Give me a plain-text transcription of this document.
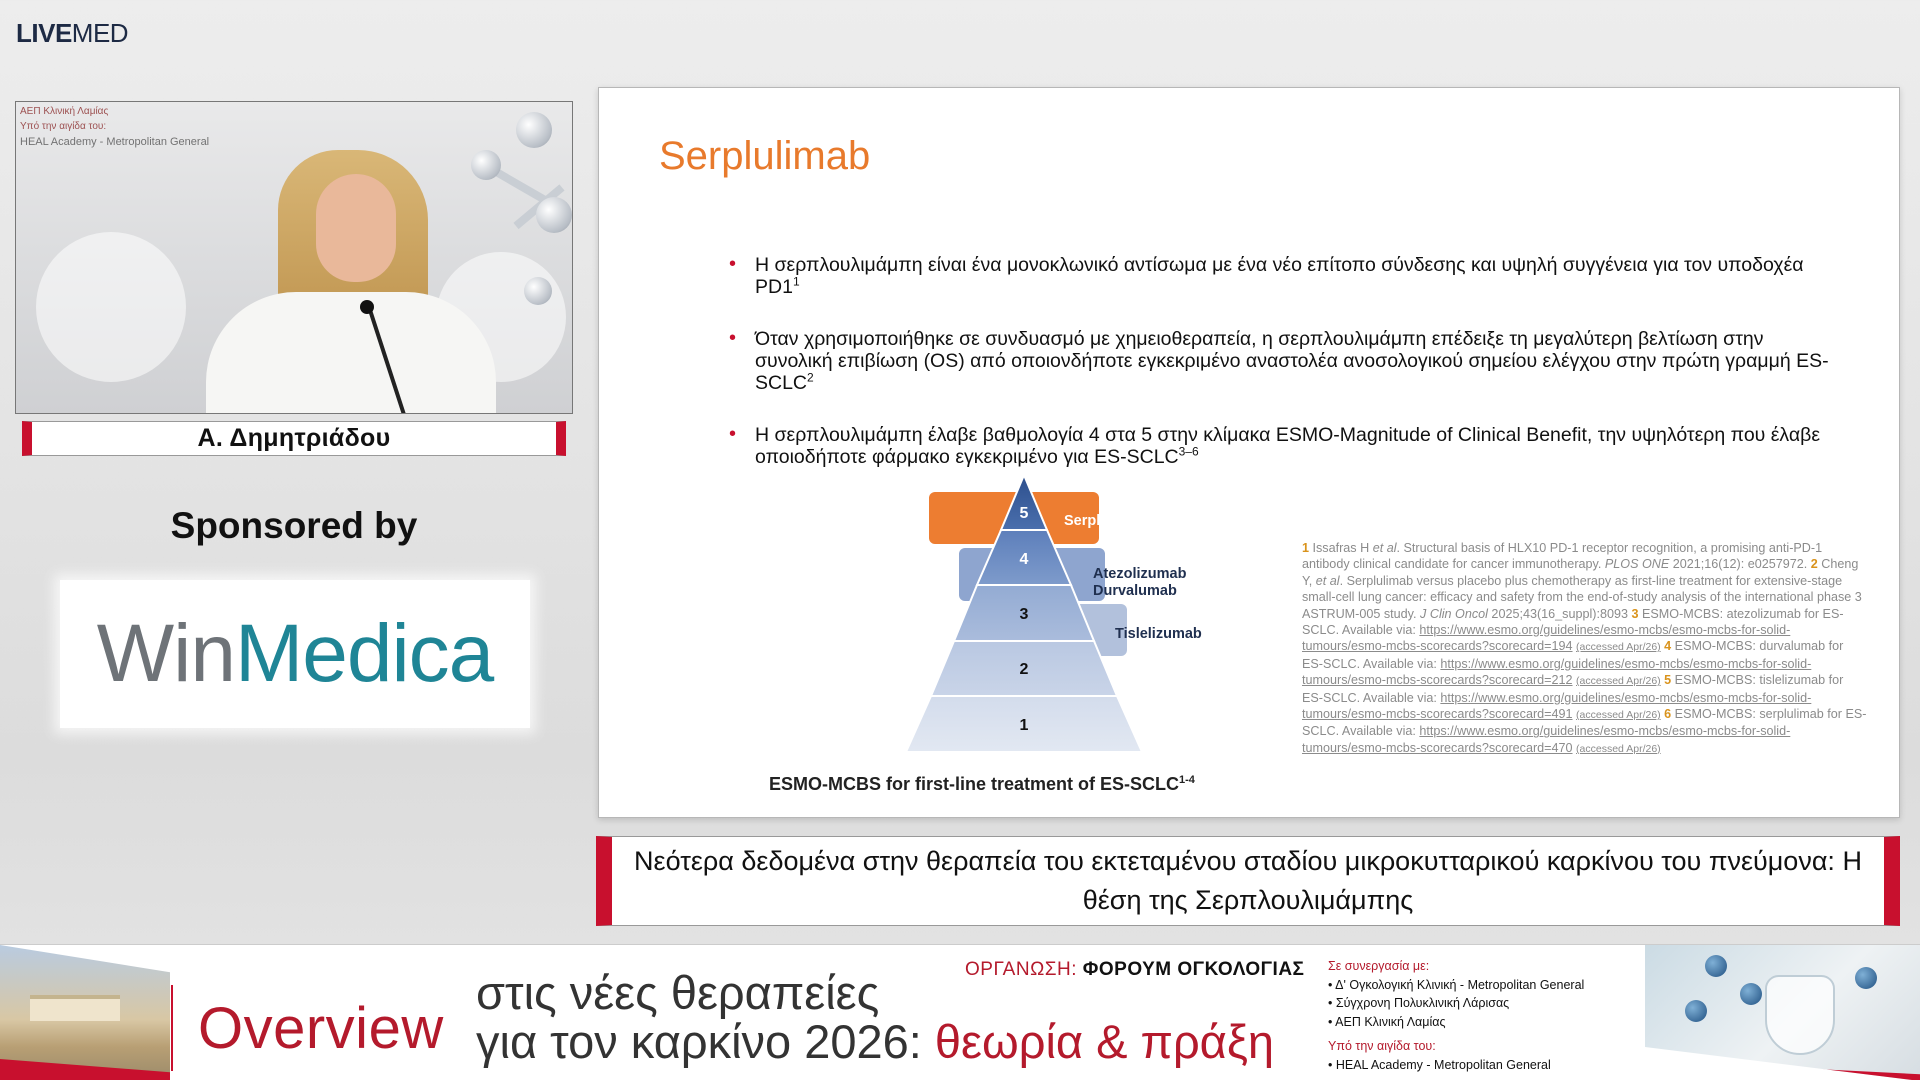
LIVEMED
ΑΕΠ Κλινική Λαμίας
Υπό την αιγίδα του:
HEAL Academy - Metropolitan General
Α. Δημητριάδου
Sponsored by
Win Medica
Serplulimab
• Η σερπλουλιμάμπη είναι ένα μονοκλωνικό αντίσωμα με ένα νέο επίτοπο σύνδεσης και υψηλή συγγένεια για τον υποδοχέα $PD1^1$
• Όταν χρησιμοποιήθηκε σε συνδυασμό με χημειοθεραπεία, η σερπλουλιμάμπη επέδειξε τη μεγαλύτερη βελτίωση στην συνολική επιβίωση (OS) από οποιονδήποτε εγκεκριμένο αναστολέα ανοσολογικού σημείου ελέγχου στην πρώτη γραμμή ES-SCLC$^2$
• Η σερπλουλιμάμπη έλαβε βαθμολογία 4 στα 5 στην κλίμακα ESMO-Magnitude of Clinical Benefit, την υψηλότερη που έλαβε οποιοδήποτε φάρμακο εγκεκριμένο για ES-SCLC$^{3-6}$
5
4
3
2
1
Serplulimab
Atezolizumab
Durvalumab
Tislelizumab
ESMO-MCBS for first-line treatment of ES-SCLC$^{1-4}$
1 Issafras H et al. Structural basis of HLX10 PD-1 receptor recognition, a promising anti-PD-1 antibody clinical candidate for cancer immunotherapy. PLOS ONE 2021;16(12): e0257972. 2 Cheng Y, et al. Serplulimab versus placebo plus chemotherapy as first-line treatment for extensive-stage small-cell lung cancer: efficacy and safety from the end-of-study analysis of the international phase 3 ASTRUM-005 study. J Clin Oncol 2025;43(16_suppl):8093 3 ESMO-MCBS: atezolizumab for ES-SCLC. Available via: https://www.esmo.org/guidelines/esmo-mcbs/esmo-mcbs-for-solid-tumours/esmo-mcbs-scorecards?scorecard=194 (accessed Apr/26) 4 ESMO-MCBS: durvalumab for ES-SCLC. Available via: https://www.esmo.org/guidelines/esmo-mcbs/esmo-mcbs-for-solid-tumours/esmo-mcbs-scorecards?scorecard=212 (accessed Apr/26) 5 ESMO-MCBS: tislelizumab for ES-SCLC. Available via: https://www.esmo.org/guidelines/esmo-mcbs/esmo-mcbs-for-solid-tumours/esmo-mcbs-scorecards?scorecard=491 (accessed Apr/26) 6 ESMO-MCBS: serplulimab for ES-SCLC. Available via: https://www.esmo.org/guidelines/esmo-mcbs/esmo-mcbs-for-solid-tumours/esmo-mcbs-scorecards?scorecard=470 (accessed Apr/26)
Νεότερα δεδομένα στην θεραπεία του εκτεταμένου σταδίου μικροκυτταρικού καρκίνου του πνεύμονα: Η θέση της Σερπλουλιμάμπης
Overview
στις νέες θεραπείες
για τον καρκίνο 2026: θεωρία & πράξη
ΟΡΓΑΝΩΣΗ: ΦΟΡΟΥΜ ΟΓΚΟΛΟΓΙΑΣ Σε συνεργασία με:
• Δ' Ογκολογική Κλινική - Metropolitan General
• Σύγχρονη Πολυκλινική Λάρισας
• ΑΕΠ Κλινική Λαμίας
Υπό την αιγίδα του:
• HEAL Academy - Metropolitan General
